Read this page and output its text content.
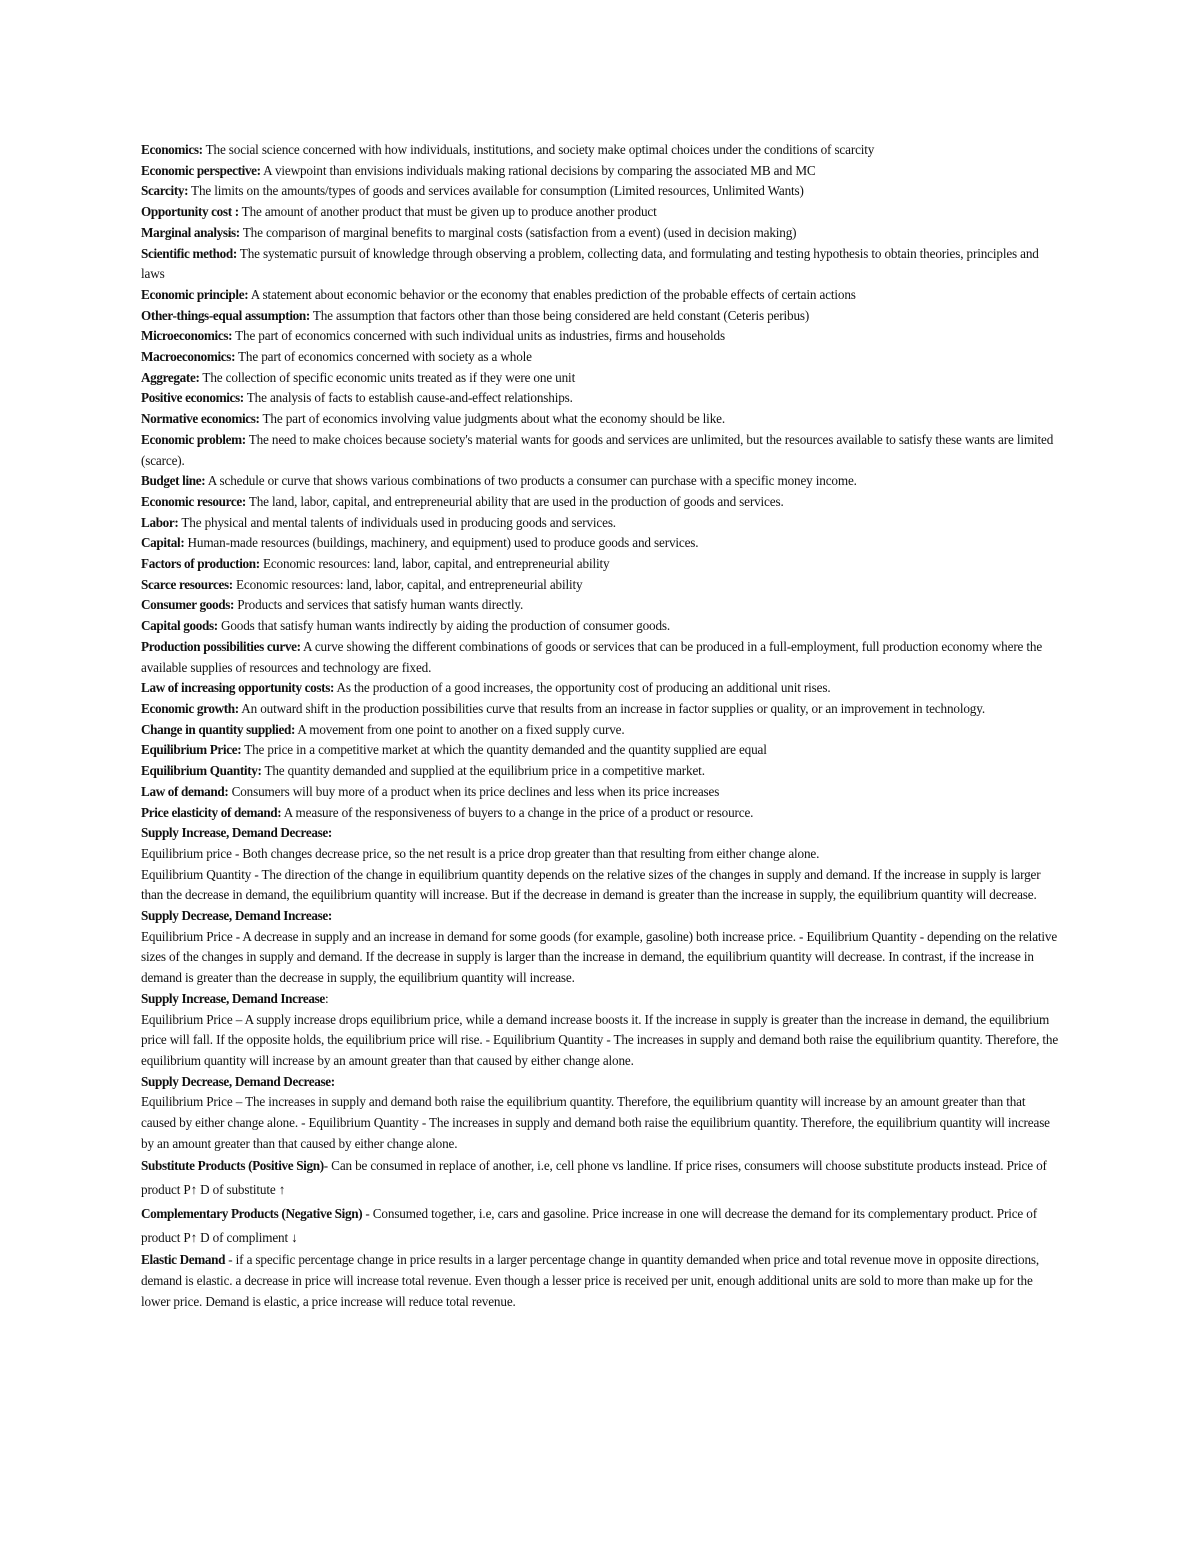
Economics: The social science concerned with how individuals, institutions, and society make optimal choices under the conditions of scarcity

Economic perspective: A viewpoint than envisions individuals making rational decisions by comparing the associated MB and MC

Scarcity: The limits on the amounts/types of goods and services available for consumption (Limited resources, Unlimited Wants)

Opportunity cost : The amount of another product that must be given up to produce another product

Marginal analysis: The comparison of marginal benefits to marginal costs (satisfaction from a event) (used in decision making)

Scientific method: The systematic pursuit of knowledge through observing a problem, collecting data, and formulating and testing hypothesis to obtain theories, principles and laws

Economic principle: A statement about economic behavior or the economy that enables prediction of the probable effects of certain actions

Other-things-equal assumption: The assumption that factors other than those being considered are held constant (Ceteris peribus)

Microeconomics: The part of economics concerned with such individual units as industries, firms and households

Macroeconomics: The part of economics concerned with society as a whole

Aggregate: The collection of specific economic units treated as if they were one unit

Positive economics: The analysis of facts to establish cause-and-effect relationships.

Normative economics: The part of economics involving value judgments about what the economy should be like.

Economic problem: The need to make choices because society's material wants for goods and services are unlimited, but the resources available to satisfy these wants are limited (scarce).

Budget line: A schedule or curve that shows various combinations of two products a consumer can purchase with a specific money income.

Economic resource: The land, labor, capital, and entrepreneurial ability that are used in the production of goods and services.

Labor: The physical and mental talents of individuals used in producing goods and services.

Capital: Human-made resources (buildings, machinery, and equipment) used to produce goods and services.

Factors of production: Economic resources: land, labor, capital, and entrepreneurial ability

Scarce resources: Economic resources: land, labor, capital, and entrepreneurial ability

Consumer goods: Products and services that satisfy human wants directly.

Capital goods: Goods that satisfy human wants indirectly by aiding the production of consumer goods.

Production possibilities curve: A curve showing the different combinations of goods or services that can be produced in a full-employment, full production economy where the available supplies of resources and technology are fixed.

Law of increasing opportunity costs: As the production of a good increases, the opportunity cost of producing an additional unit rises.

Economic growth: An outward shift in the production possibilities curve that results from an increase in factor supplies or quality, or an improvement in technology.

Change in quantity supplied: A movement from one point to another on a fixed supply curve.

Equilibrium Price: The price in a competitive market at which the quantity demanded and the quantity supplied are equal

Equilibrium Quantity: The quantity demanded and supplied at the equilibrium price in a competitive market.

Law of demand: Consumers will buy more of a product when its price declines and less when its price increases

Price elasticity of demand: A measure of the responsiveness of buyers to a change in the price of a product or resource.

Supply Increase, Demand Decrease:

Equilibrium price - Both changes decrease price, so the net result is a price drop greater than that resulting from either change alone.

Equilibrium Quantity - The direction of the change in equilibrium quantity depends on the relative sizes of the changes in supply and demand. If the increase in supply is larger than the decrease in demand, the equilibrium quantity will increase. But if the decrease in demand is greater than the increase in supply, the equilibrium quantity will decrease.

Supply Decrease, Demand Increase:

Equilibrium Price - A decrease in supply and an increase in demand for some goods (for example, gasoline) both increase price. - Equilibrium Quantity - depending on the relative sizes of the changes in supply and demand. If the decrease in supply is larger than the increase in demand, the equilibrium quantity will decrease. In contrast, if the increase in demand is greater than the decrease in supply, the equilibrium quantity will increase.

Supply Increase, Demand Increase:

Equilibrium Price – A supply increase drops equilibrium price, while a demand increase boosts it. If the increase in supply is greater than the increase in demand, the equilibrium price will fall. If the opposite holds, the equilibrium price will rise. - Equilibrium Quantity - The increases in supply and demand both raise the equilibrium quantity. Therefore, the equilibrium quantity will increase by an amount greater than that caused by either change alone.

Supply Decrease, Demand Decrease:

Equilibrium Price – The increases in supply and demand both raise the equilibrium quantity. Therefore, the equilibrium quantity will increase by an amount greater than that caused by either change alone. - Equilibrium Quantity - The increases in supply and demand both raise the equilibrium quantity. Therefore, the equilibrium quantity will increase by an amount greater than that caused by either change alone.

Substitute Products (Positive Sign)- Can be consumed in replace of another, i.e, cell phone vs landline. If price rises, consumers will choose substitute products instead. Price of product P↑ D of substitute ↑

Complementary Products (Negative Sign) - Consumed together, i.e, cars and gasoline. Price increase in one will decrease the demand for its complementary product. Price of product P↑ D of compliment ↓

Elastic Demand - if a specific percentage change in price results in a larger percentage change in quantity demanded when price and total revenue move in opposite directions, demand is elastic. a decrease in price will increase total revenue. Even though a lesser price is received per unit, enough additional units are sold to more than make up for the lower price. Demand is elastic, a price increase will reduce total revenue.
